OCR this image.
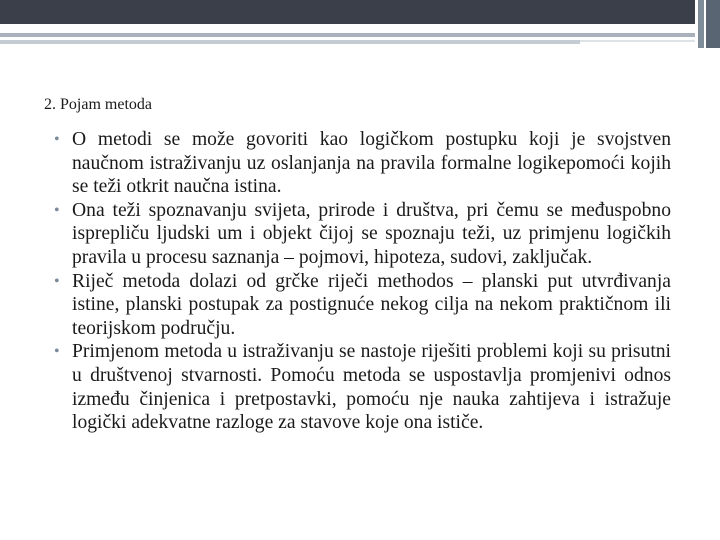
2. Pojam metoda
• O metodi se može govoriti kao logičkom postupku koji je svojstven naučnom istraživanju uz oslanjanja na pravila formalne logikepomoći kojih se teži otkrit naučna istina.
• Ona teži spoznavanju svijeta, prirode i društva, pri čemu se međuspobno isprepliču ljudski um i objekt čijoj se spoznaju teži, uz primjenu logičkih pravila u procesu saznanja – pojmovi, hipoteza, sudovi, zaključak.
• Riječ metoda dolazi od grčke riječi methodos – planski put utvrđivanja istine, planski postupak za postignuće nekog cilja na nekom praktičnom ili teorijskom području.
• Primjenom metoda u istraživanju se nastoje riješiti problemi koji su prisutni u društvenoj stvarnosti. Pomoću metoda se uspostavlja promjenivi odnos između činjenica i pretpostavki, pomoću nje nauka zahtijeva i istražuje logički adekvatne razloge za stavove koje ona ističe.
